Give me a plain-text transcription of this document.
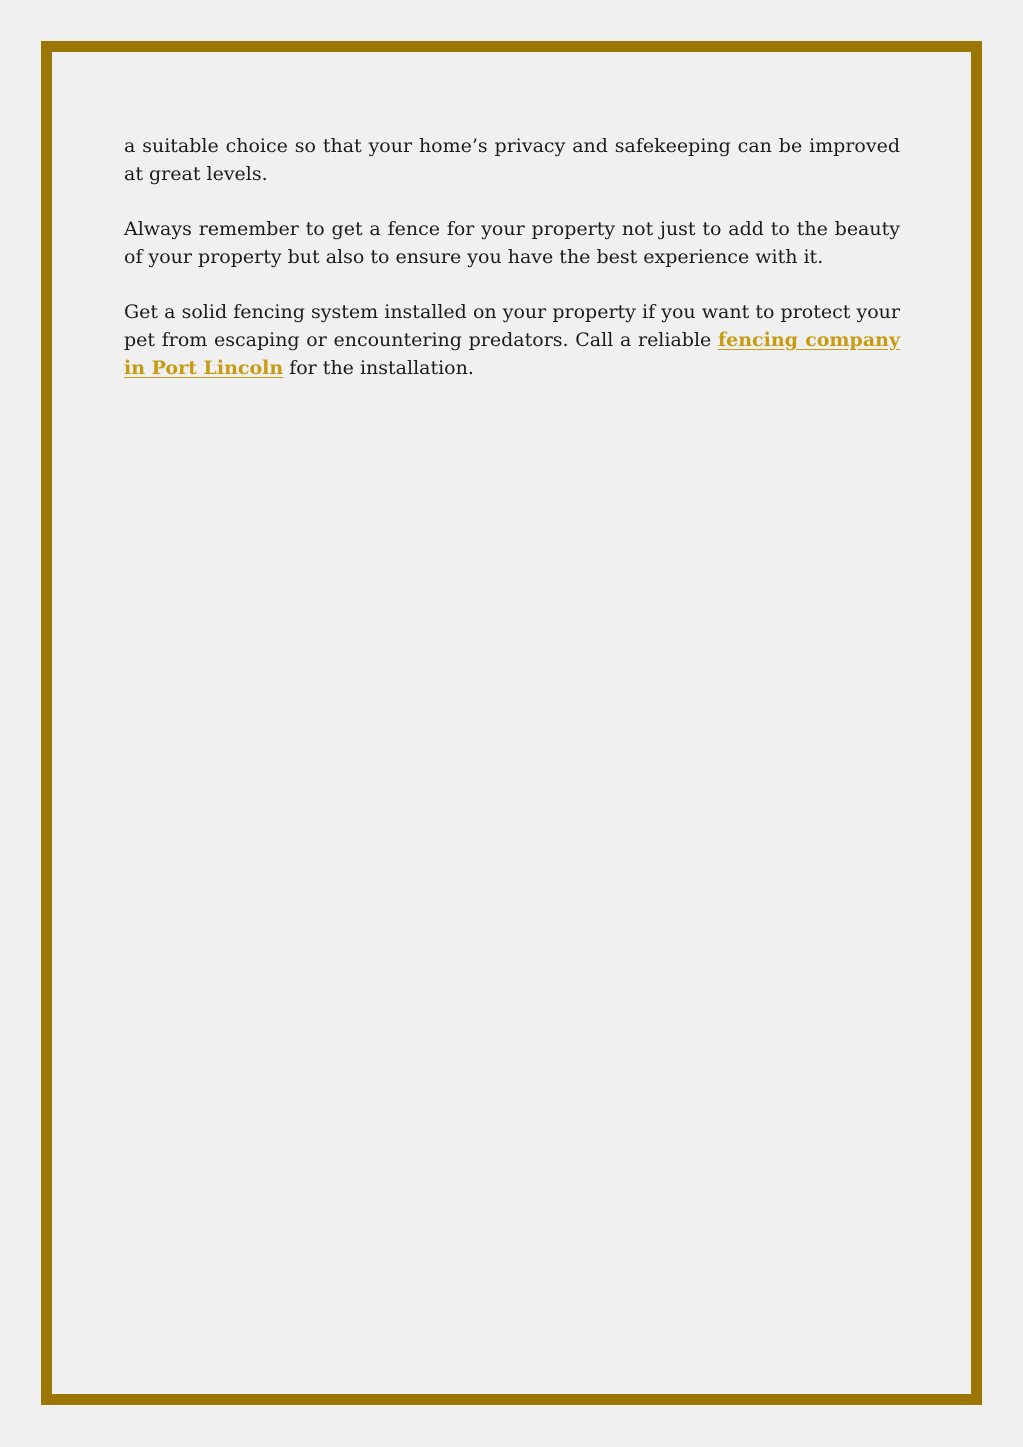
a suitable choice so that your home’s privacy and safekeeping can be improved at great levels.

Always remember to get a fence for your property not just to add to the beauty of your property but also to ensure you have the best experience with it.

Get a solid fencing system installed on your property if you want to protect your pet from escaping or encountering predators. Call a reliable fencing company in Port Lincoln for the installation.
